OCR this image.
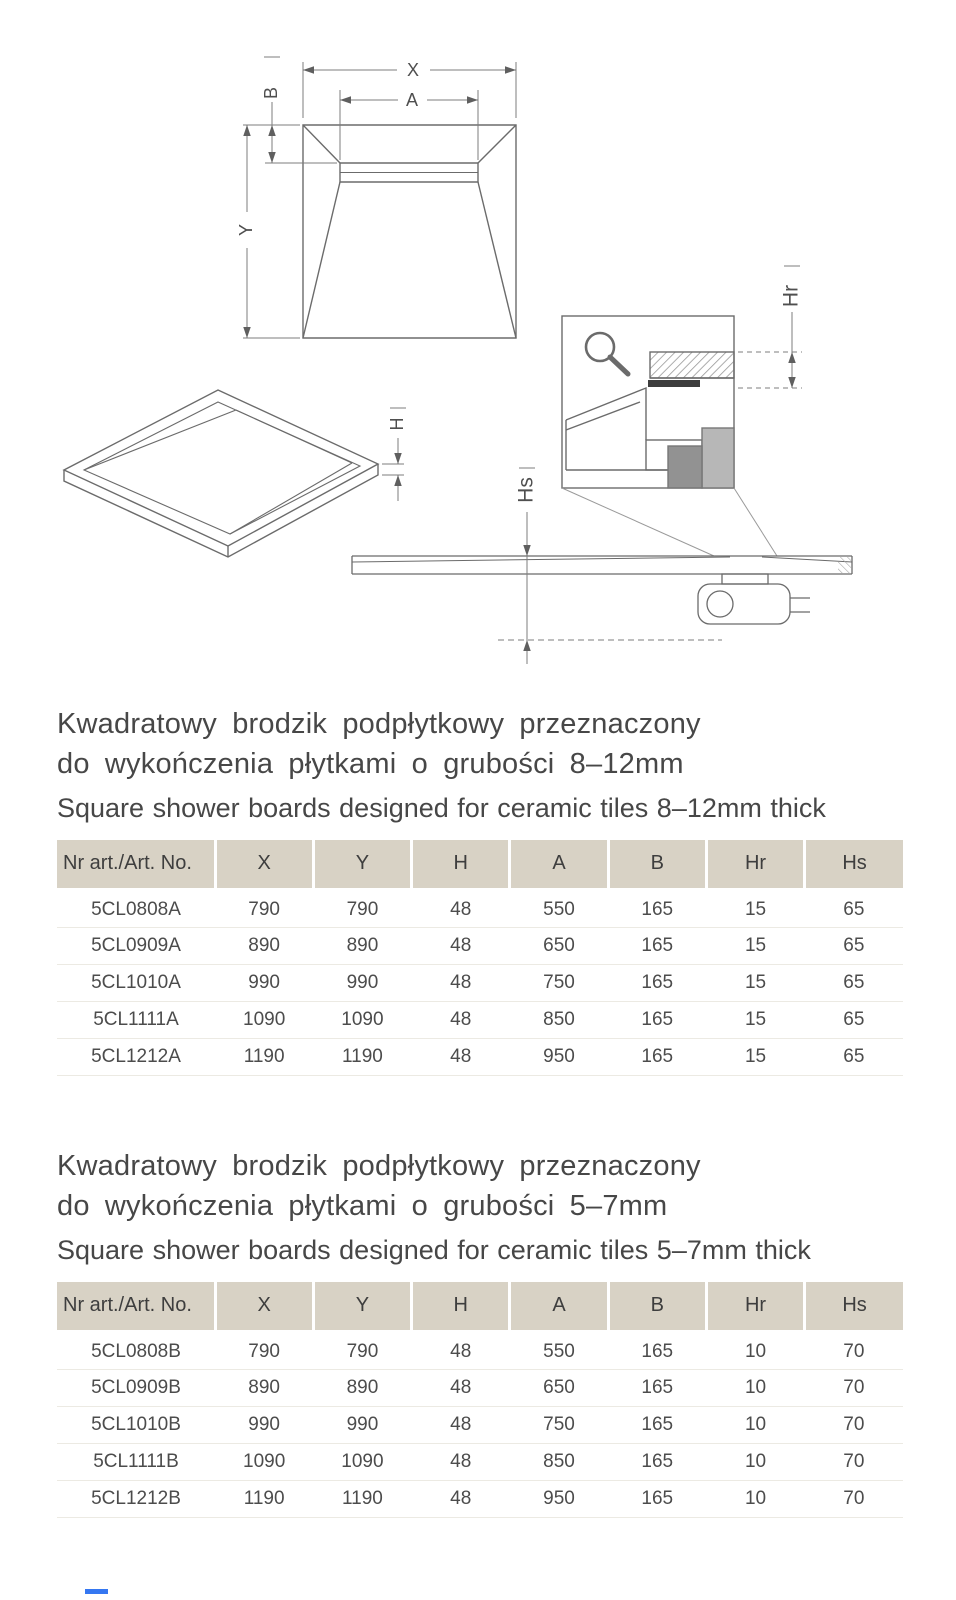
X
A
B
Y
H
Hr
Hs
Kwadratowy brodzik podpłytkowy przeznaczony
do wykończenia płytkami o grubości 8–12mm
Square shower boards designed for ceramic tiles 8–12mm thick
Nr art./Art. No.	X	Y	H	A	B	Hr	Hs
5CL0808A	790	790	48	550	165	15	65
5CL0909A	890	890	48	650	165	15	65
5CL1010A	990	990	48	750	165	15	65
5CL1111A	1090	1090	48	850	165	15	65
5CL1212A	1190	1190	48	950	165	15	65
Kwadratowy brodzik podpłytkowy przeznaczony
do wykończenia płytkami o grubości 5–7mm
Square shower boards designed for ceramic tiles 5–7mm thick
Nr art./Art. No.	X	Y	H	A	B	Hr	Hs
5CL0808B	790	790	48	550	165	10	70
5CL0909B	890	890	48	650	165	10	70
5CL1010B	990	990	48	750	165	10	70
5CL1111B	1090	1090	48	850	165	10	70
5CL1212B	1190	1190	48	950	165	10	70
